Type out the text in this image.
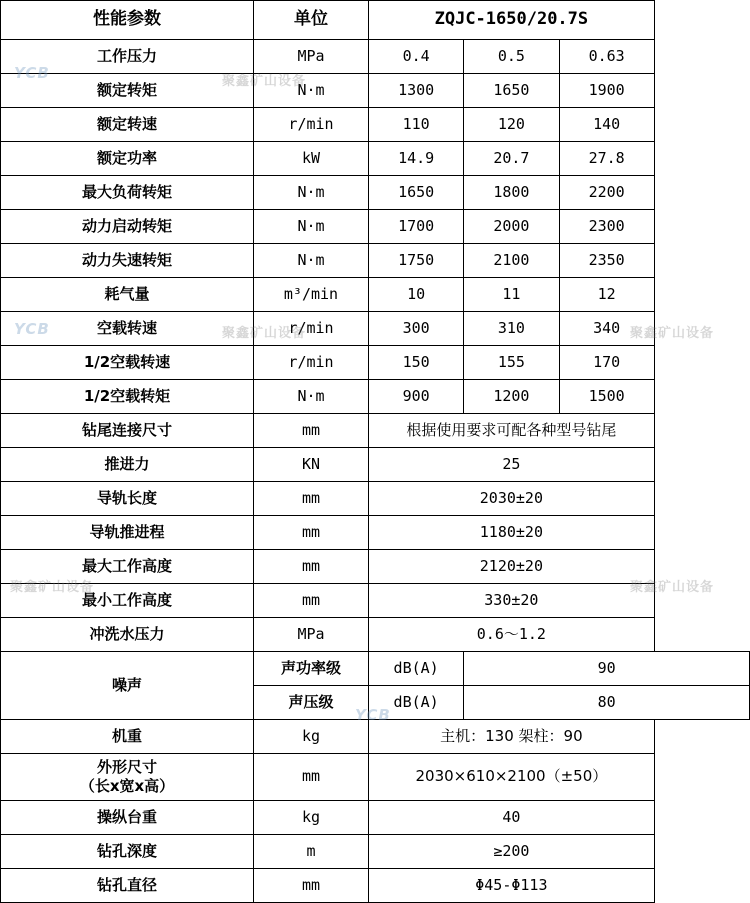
性能参数	单位	ZQJC-1650/20.7S		
工作压力	MPa	0.4	0.5	0.63
额定转矩	N·m	1300	1650	1900
额定转速	r/min	110	120	140
额定功率	kW	14.9	20.7	27.8
最大负荷转矩	N·m	1650	1800	2200
动力启动转矩	N·m	1700	2000	2300
动力失速转矩	N·m	1750	2100	2350
耗气量	m³/min	10	11	12
空载转速	r/min	300	310	340
1/2空载转速	r/min	150	155	170
1/2空载转矩	N·m	900	1200	1500
钻尾连接尺寸	mm	根据使用要求可配各种型号钻尾		
推进力	KN	25		
导轨长度	mm	2030±20		
导轨推进程	mm	1180±20		
最大工作高度	mm	2120±20		
最小工作高度	mm	330±20		
冲洗水压力	MPa	0.6～1.2		
噪声	声功率级	dB(A)	90	
	声压级	dB(A)	80	
机重	kg	主机：130 架柱：90		

外形尺寸
（长x宽x高）	mm	2030×610×2100（±50）		
操纵台重	kg	40		
钻孔深度	m	≥200		
钻孔直径	mm	Φ45-Φ113		
YCB	聚鑫矿山设备
聚鑫矿山设备
YCB	聚鑫矿山设备
YCB
聚鑫矿山设备
聚鑫矿山设备
